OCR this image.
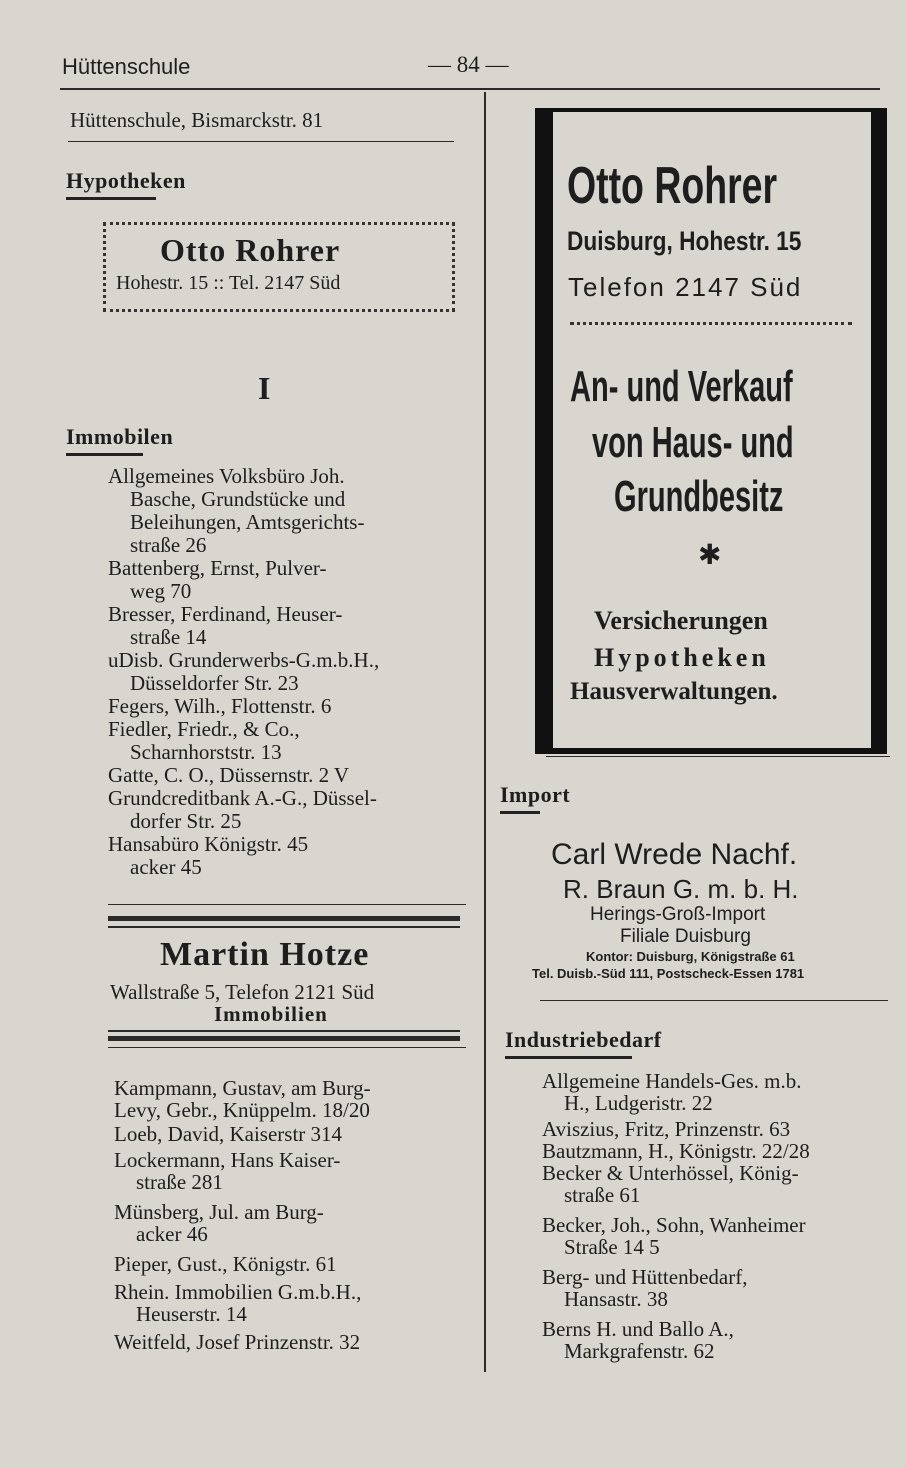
Hüttenschule	— 84 —
Hüttenschule, Bismarckstr. 81
Hypotheken
Otto Rohrer
Hohestr. 15 :: Tel. 2147 Süd
I
Immobilen
Allgemeines Volksbüro Joh.
Basche, Grundstücke und
Beleihungen, Amtsgerichts-
straße 26
Battenberg, Ernst, Pulver-
weg 70
Bresser, Ferdinand, Heuser-
straße 14
uDisb. Grunderwerbs-G.m.b.H.,
Düsseldorfer Str. 23
Fegers, Wilh., Flottenstr. 6
Fiedler, Friedr., & Co.,
Scharnhorststr. 13
Gatte, C. O., Düssernstr. 2 V
Grundcreditbank A.-G., Düssel-
dorfer Str. 25
Hansabüro Königstr. 45
acker 45
Martin Hotze
Wallstraße 5, Telefon 2121 Süd
Immobilien
Kampmann, Gustav, am Burg-
Levy, Gebr., Knüppelm. 18/20
Loeb, David, Kaiserstr 314
Lockermann, Hans Kaiser-
straße 281
Münsberg, Jul. am Burg-
acker 46
Pieper, Gust., Königstr. 61
Rhein. Immobilien G.m.b.H.,
Heuserstr. 14
Weitfeld, Josef Prinzenstr. 32
Otto Rohrer
Duisburg, Hohestr. 15
Telefon 2147 Süd
An- und Verkauf
von Haus- und
Grundbesitz
✱
Versicherungen
Hypotheken
Hausverwaltungen.
Import
Carl Wrede Nachf.
R. Braun G. m. b. H.
Herings-Groß-Import
Filiale Duisburg
Kontor: Duisburg, Königstraße 61
Tel. Duisb.-Süd 111, Postscheck-Essen 1781
Industriebedarf
Allgemeine Handels-Ges. m.b.
H., Ludgeristr. 22
Aviszius, Fritz, Prinzenstr. 63
Bautzmann, H., Königstr. 22/28
Becker & Unterhössel, König-
straße 61
Becker, Joh., Sohn, Wanheimer
Straße 14 5
Berg- und Hüttenbedarf,
Hansastr. 38
Berns H. und Ballo A.,
Markgrafenstr. 62
